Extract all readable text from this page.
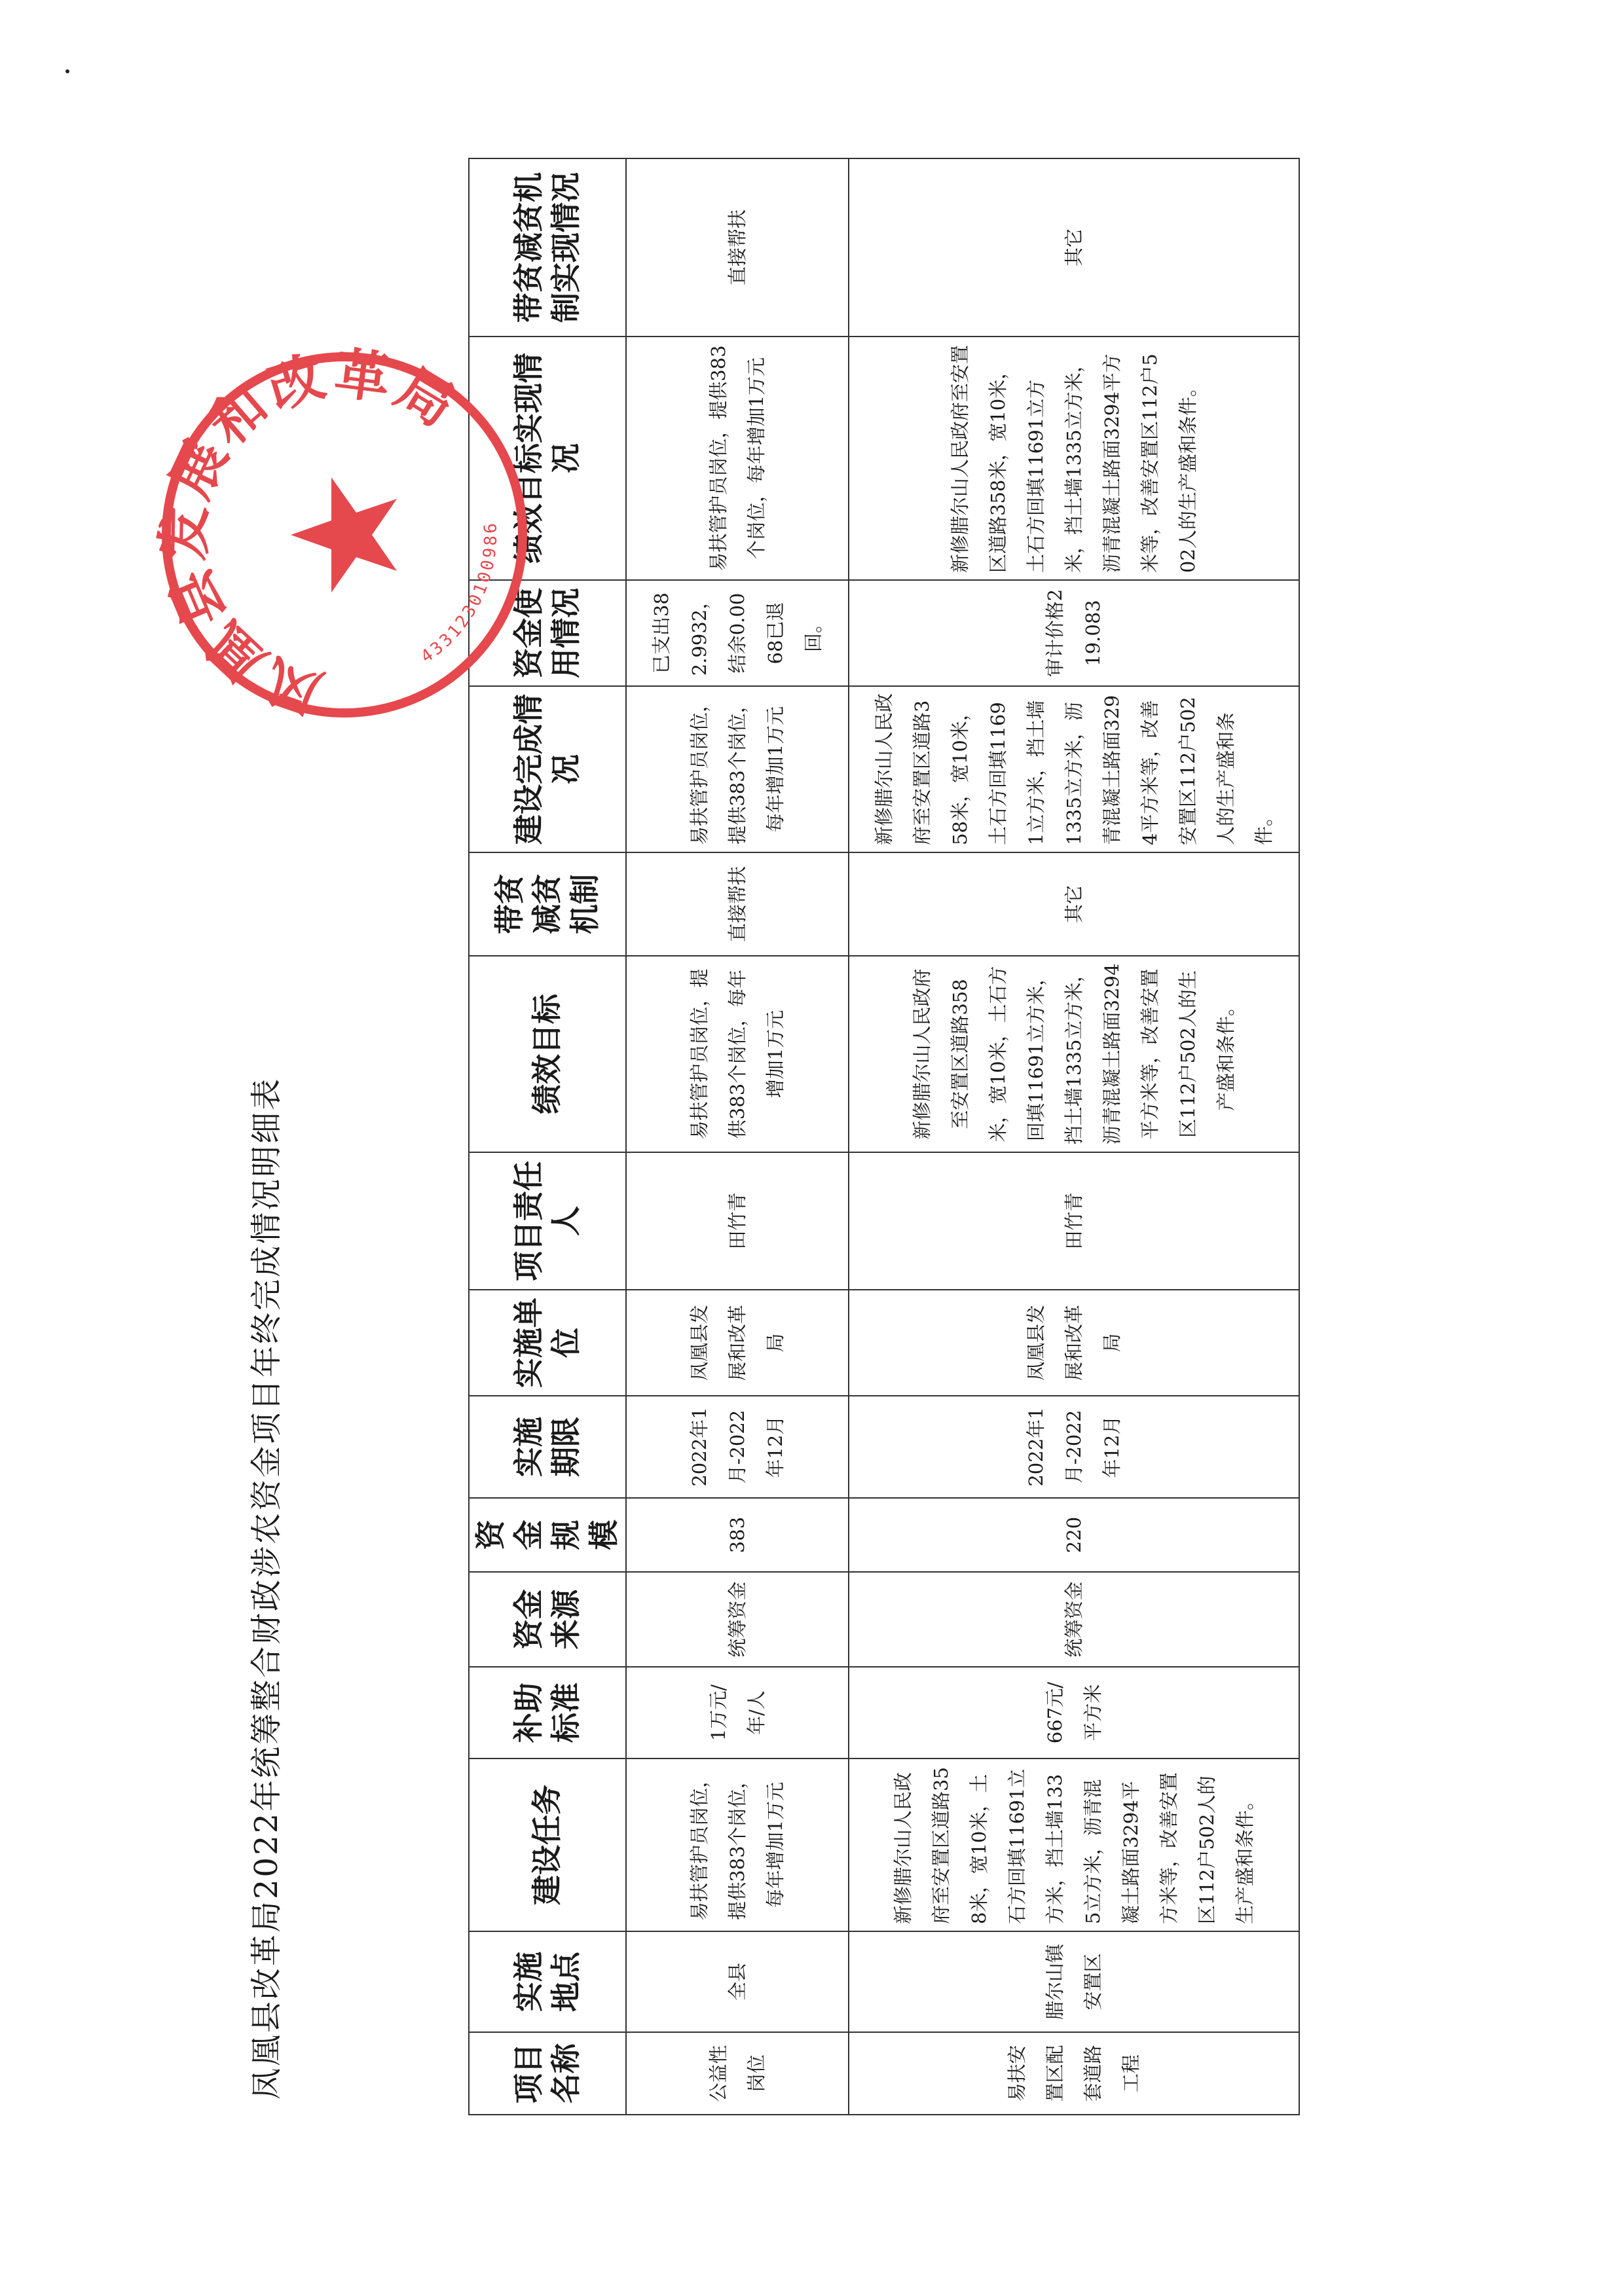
凤凰县改革局2022年统筹整合财政涉农资金项目年终完成情况明细表	项目名称	实施地点	建设任务	补助标准	资金来源	资金规模	实施期限	实施单位	项目责任人	绩效目标	带贫减贫机制	建设完成情况	资金使用情况	绩效目标实现情况	带贫减贫机制实现情况
公益性岗位	全县	易扶管护员岗位，提供383个岗位，每年增加1万元	1万元/年/人	统筹资金	383	2022年1月-2022年12月	凤凰县发展和改革局	田竹青	易扶管护员岗位，提供383个岗位，每年增加1万元	直接帮扶	易扶管护员岗位，提供383个岗位，每年增加1万元	已支出382.9932，结余0.0068已退回。	易扶管护员岗位，提供383个岗位，每年增加1万元	直接帮扶
易扶安置区配套道路工程	腊尔山镇安置区	新修腊尔山人民政府至安置区道路358米，宽10米，土石方回填11691立方米，挡土墙1335立方米，沥青混凝土路面3294平方米等，改善安置区112户502人的生产盛和条件。	667元/平方米	统筹资金	220	2022年1月-2022年12月	凤凰县发展和改革局	田竹青	新修腊尔山人民政府至安置区道路358米，宽10米，土石方回填11691立方米，挡土墙1335立方米，沥青混凝土路面3294平方米等，改善安置区112户502人的生产盛和条件。	其它	新修腊尔山人民政府至安置区道路358米，宽10米，土石方回填11691立方米，挡土墙1335立方米，沥青混凝土路面3294平方米等，改善安置区112户502人的生产盛和条件。	审计价格219.083	新修腊尔山人民政府至安置区道路358米，宽10米，土石方回填11691立方米，挡土墙1335立方米，沥青混凝土路面3294平方米等，改善安置区112户502人的生产盛和条件。	其它
凤凰县发展和改革局
4331230100986
